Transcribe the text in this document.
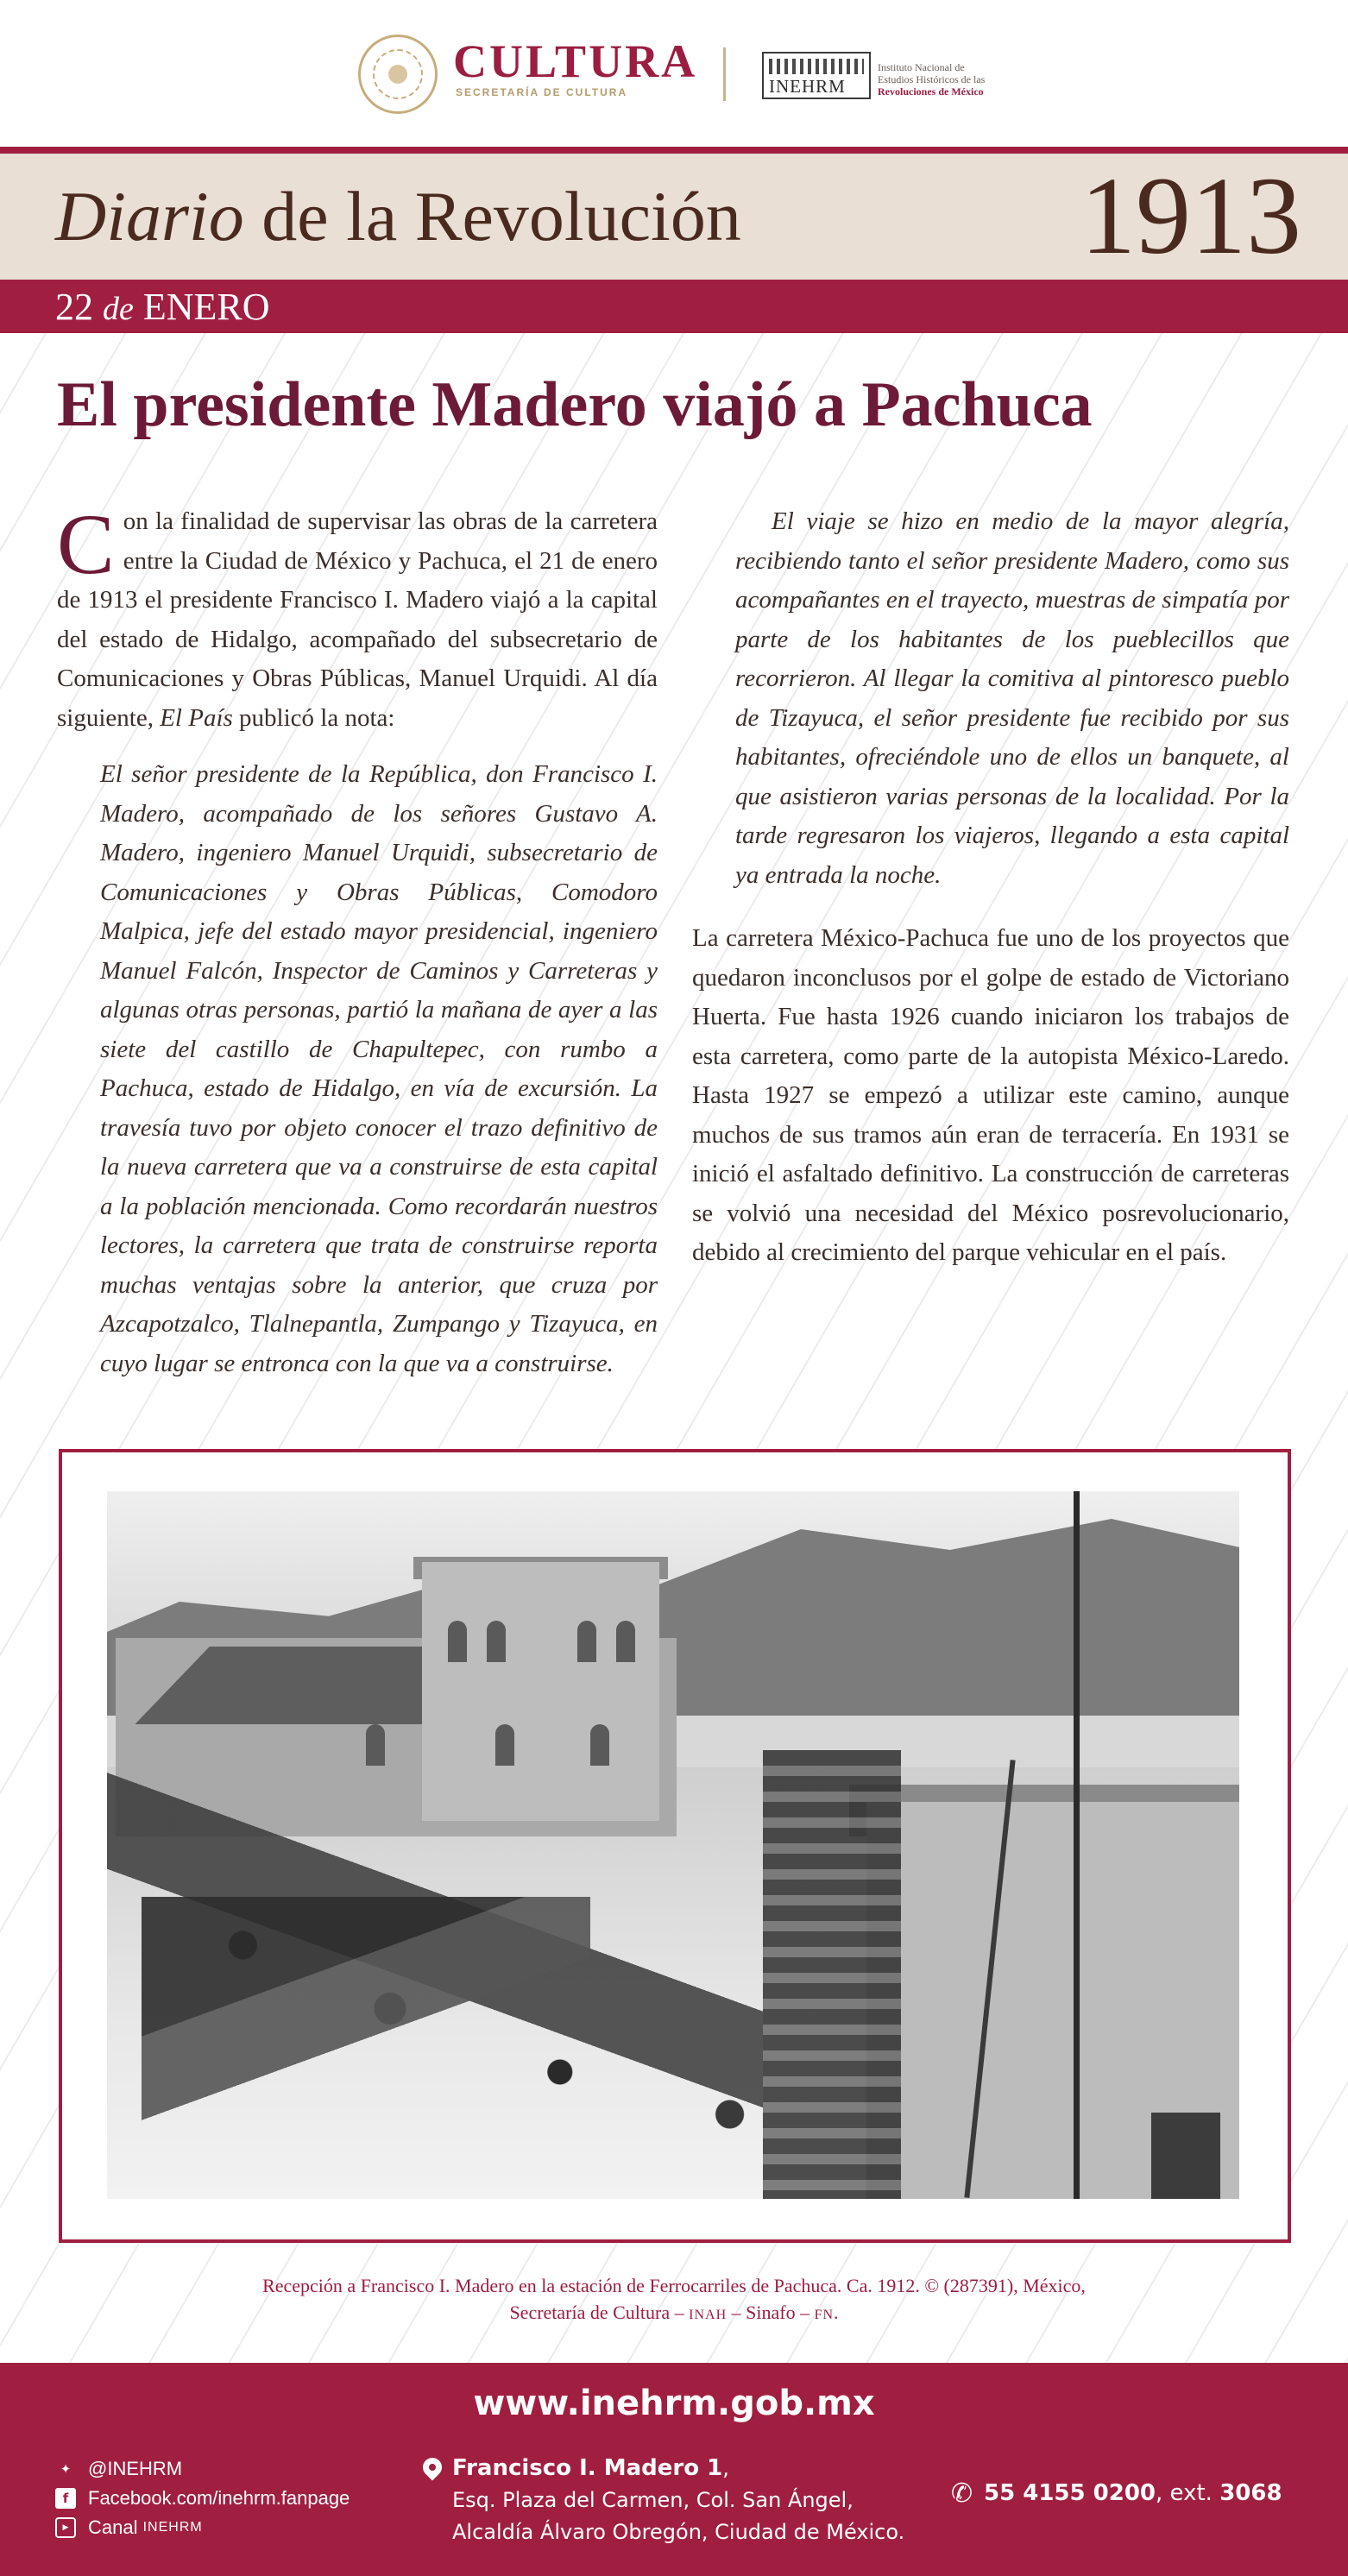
CULTURA
SECRETARÍA DE CULTURA	INEHRM
Instituto Nacional de
Estudios Históricos de las
Revoluciones de México
Diario de la Revolución	1913
22 de ENERO
El presidente Madero viajó a Pachuca

Con la finalidad de supervisar las obras de la carretera entre la Ciudad de México y Pachuca, el 21 de enero de 1913 el presidente Francisco I. Madero viajó a la capital del estado de Hidalgo, acompañado del subsecretario de Comunicaciones y Obras Públicas, Manuel Urquidi. Al día siguiente, El País publicó la nota:

El señor presidente de la República, don Francisco I. Madero, acompañado de los señores Gustavo A. Madero, ingeniero Manuel Urquidi, subsecretario de Comunicaciones y Obras Públicas, Comodoro Malpica, jefe del estado mayor presidencial, ingeniero Manuel Falcón, Inspector de Caminos y Carreteras y algunas otras personas, partió la mañana de ayer a las siete del castillo de Chapultepec, con rumbo a Pachuca, estado de Hidalgo, en vía de excursión. La travesía tuvo por objeto conocer el trazo definitivo de la nueva carretera que va a construirse de esta capital a la población mencionada. Como recordarán nuestros lectores, la carretera que trata de construirse reporta muchas ventajas sobre la anterior, que cruza por Azcapotzalco, Tlalnepantla, Zumpango y Tizayuca, en cuyo lugar se entronca con la que va a construirse.

El viaje se hizo en medio de la mayor alegría, recibiendo tanto el señor presidente Madero, como sus acompañantes en el trayecto, muestras de simpatía por parte de los habitantes de los pueblecillos que recorrieron. Al llegar la comitiva al pintoresco pueblo de Tizayuca, el señor presidente fue recibido por sus habitantes, ofreciéndole uno de ellos un banquete, al que asistieron varias personas de la localidad. Por la tarde regresaron los viajeros, llegando a esta capital ya entrada la noche.

La carretera México-Pachuca fue uno de los proyectos que quedaron inconclusos por el golpe de estado de Victoriano Huerta. Fue hasta 1926 cuando iniciaron los trabajos de esta carretera, como parte de la autopista México-Laredo. Hasta 1927 se empezó a utilizar este camino, aunque muchos de sus tramos aún eran de terracería. En 1931 se inició el asfaltado definitivo. La construcción de carreteras se volvió una necesidad del México posrevolucionario, debido al crecimiento del parque vehicular en el país.

Recepción a Francisco I. Madero en la estación de Ferrocarriles de Pachuca. Ca. 1912. © (287391), México,
Secretaría de Cultura – INAH – Sinafo – FN.
www.inehrm.gob.mx
✦ @INEHRM
f	Facebook.com/inehrm.fanpage
▶	Canal
INEHRM
Francisco I. Madero 1,
Esq. Plaza del Carmen, Col. San Ángel,
Alcaldía Álvaro Obregón, Ciudad de México.
✆ 55 4155 0200, ext. 3068
